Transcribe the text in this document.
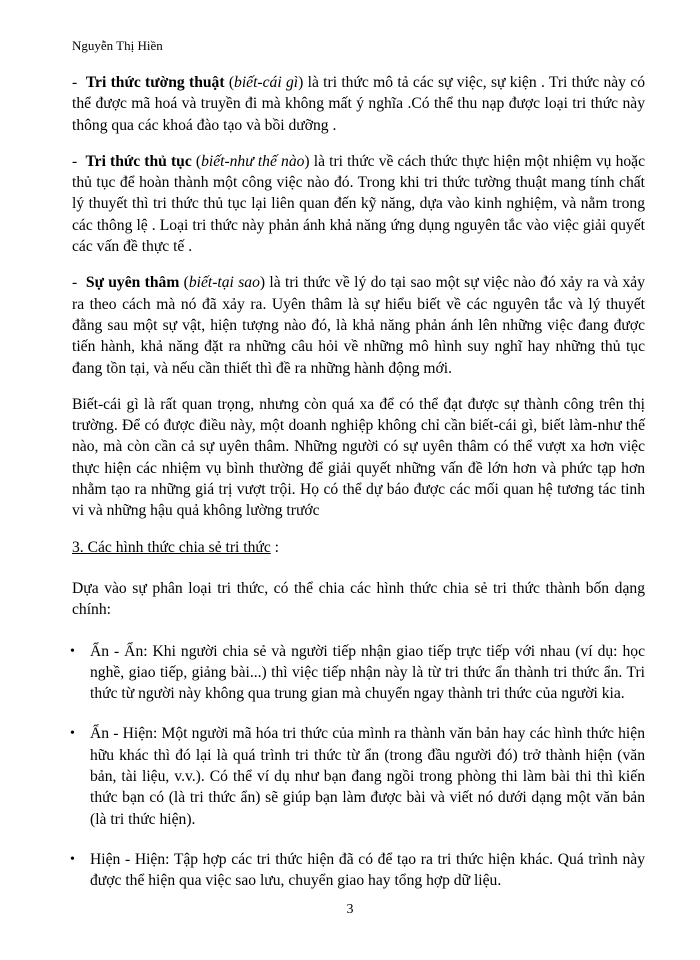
Nguyễn Thị Hiền

- Tri thức tường thuật (biết-cái gì) là tri thức mô tả các sự việc, sự kiện . Tri thức này có thể được mã hoá và truyền đi mà không mất ý nghĩa .Có thể thu nạp được loại tri thức này thông qua các khoá đào tạo và bồi dưỡng .

- Tri thức thủ tục (biết-như thế nào) là tri thức về cách thức thực hiện một nhiệm vụ hoặc thủ tục để hoàn thành một công việc nào đó. Trong khi tri thức tường thuật mang tính chất lý thuyết thì tri thức thủ tục lại liên quan đến kỹ năng, dựa vào kinh nghiệm, và nằm trong các thông lệ . Loại tri thức này phản ánh khả năng ứng dụng nguyên tắc vào việc giải quyết các vấn đề thực tế .

- Sự uyên thâm (biết-tại sao) là tri thức về lý do tại sao một sự việc nào đó xảy ra và xảy ra theo cách mà nó đã xảy ra. Uyên thâm là sự hiểu biết về các nguyên tắc và lý thuyết đằng sau một sự vật, hiện tượng nào đó, là khả năng phản ánh lên những việc đang được tiến hành, khả năng đặt ra những câu hỏi về những mô hình suy nghĩ hay những thủ tục đang tồn tại, và nếu cần thiết thì đề ra những hành động mới.

Biết-cái gì là rất quan trọng, nhưng còn quá xa để có thể đạt được sự thành công trên thị trường. Để có được điều này, một doanh nghiệp không chỉ cần biết-cái gì, biết làm-như thế nào, mà còn cần cả sự uyên thâm. Những người có sự uyên thâm có thể vượt xa hơn việc thực hiện các nhiệm vụ bình thường để giải quyết những vấn đề lớn hơn và phức tạp hơn nhằm tạo ra những giá trị vượt trội. Họ có thể dự báo được các mối quan hệ tương tác tinh vi và những hậu quả không lường trước

3. Các hình thức chia sẻ tri thức :

Dựa vào sự phân loại tri thức, có thể chia các hình thức chia sẻ tri thức thành bốn dạng chính:

• Ẩn - Ẩn: Khi người chia sẻ và người tiếp nhận giao tiếp trực tiếp với nhau (ví dụ: học nghề, giao tiếp, giảng bài...) thì việc tiếp nhận này là từ tri thức ẩn thành tri thức ẩn. Tri thức từ người này không qua trung gian mà chuyển ngay thành tri thức của người kia.
• Ẩn - Hiện: Một người mã hóa tri thức của mình ra thành văn bản hay các hình thức hiện hữu khác thì đó lại là quá trình tri thức từ ẩn (trong đầu người đó) trở thành hiện (văn bản, tài liệu, v.v.). Có thể ví dụ như bạn đang ngồi trong phòng thi làm bài thi thì kiến thức bạn có (là tri thức ẩn) sẽ giúp bạn làm được bài và viết nó dưới dạng một văn bản (là tri thức hiện).
• Hiện - Hiện: Tập hợp các tri thức hiện đã có để tạo ra tri thức hiện khác. Quá trình này được thể hiện qua việc sao lưu, chuyển giao hay tổng hợp dữ liệu.
3
